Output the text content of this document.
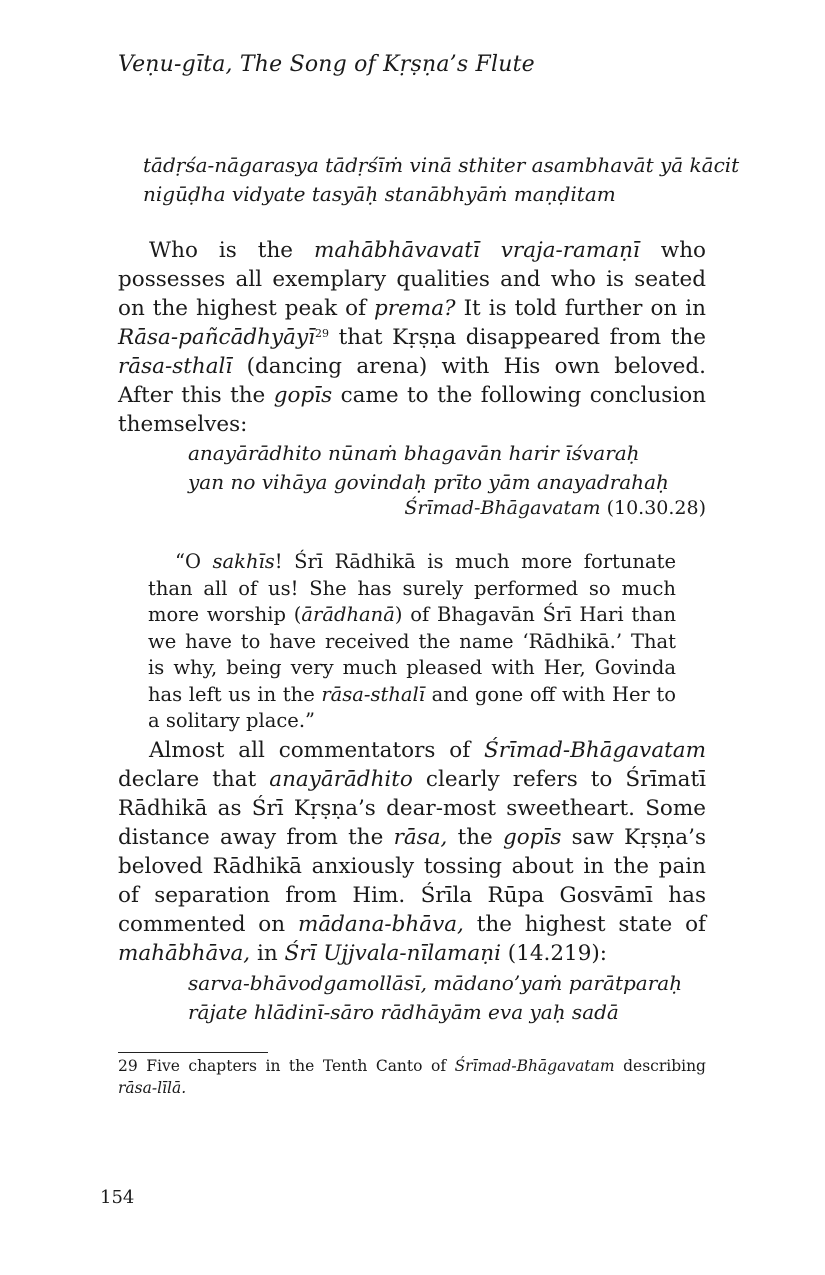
Veṇu-gīta, The Song of Kṛṣṇa’s Flute
tādṛśa-nāgarasya tādṛśīṁ vinā sthiter asambhavāt yā kācit
nigūḍha vidyate tasyāḥ stanābhyāṁ maṇḍitam

Who is the mahābhāvavatī vraja-ramaṇī who possesses all exemplary qualities and who is seated on the highest peak of prema? It is told further on in Rāsa-pañcādhyāyī$^{29}$ that Kṛṣṇa disappeared from the rāsa-sthalī (dancing arena) with His own beloved. After this the gopīs came to the following conclusion themselves:

anayārādhito nūnaṁ bhagavān harir īśvaraḥ
yan no vihāya govindaḥ prīto yām anayadrahaḥ
Śrīmad-Bhāgavatam (10.30.28)

“O sakhīs! Śrī Rādhikā is much more fortunate than all of us! She has surely performed so much more worship (ārādhanā) of Bhagavān Śrī Hari than we have to have received the name ‘Rādhikā.’ That is why, being very much pleased with Her, Govinda has left us in the rāsa-sthalī and gone off with Her to a solitary place.”

Almost all commentators of Śrīmad-Bhāgavatam declare that anayārādhito clearly refers to Śrīmatī Rādhikā as Śrī Kṛṣṇa’s dear-most sweetheart. Some distance away from the rāsa, the gopīs saw Kṛṣṇa’s beloved Rādhikā anxiously tossing about in the pain of separation from Him. Śrīla Rūpa Gosvāmī has commented on mādana-bhāva, the highest state of mahābhāva, in Śrī Ujjvala-nīlamaṇi (14.219):

sarva-bhāvodgamollāsī, mādano’yaṁ parātparaḥ
rājate hlādinī-sāro rādhāyām eva yaḥ sadā

29 Five chapters in the Tenth Canto of Śrīmad-Bhāgavatam describing rāsa-līlā.

154
